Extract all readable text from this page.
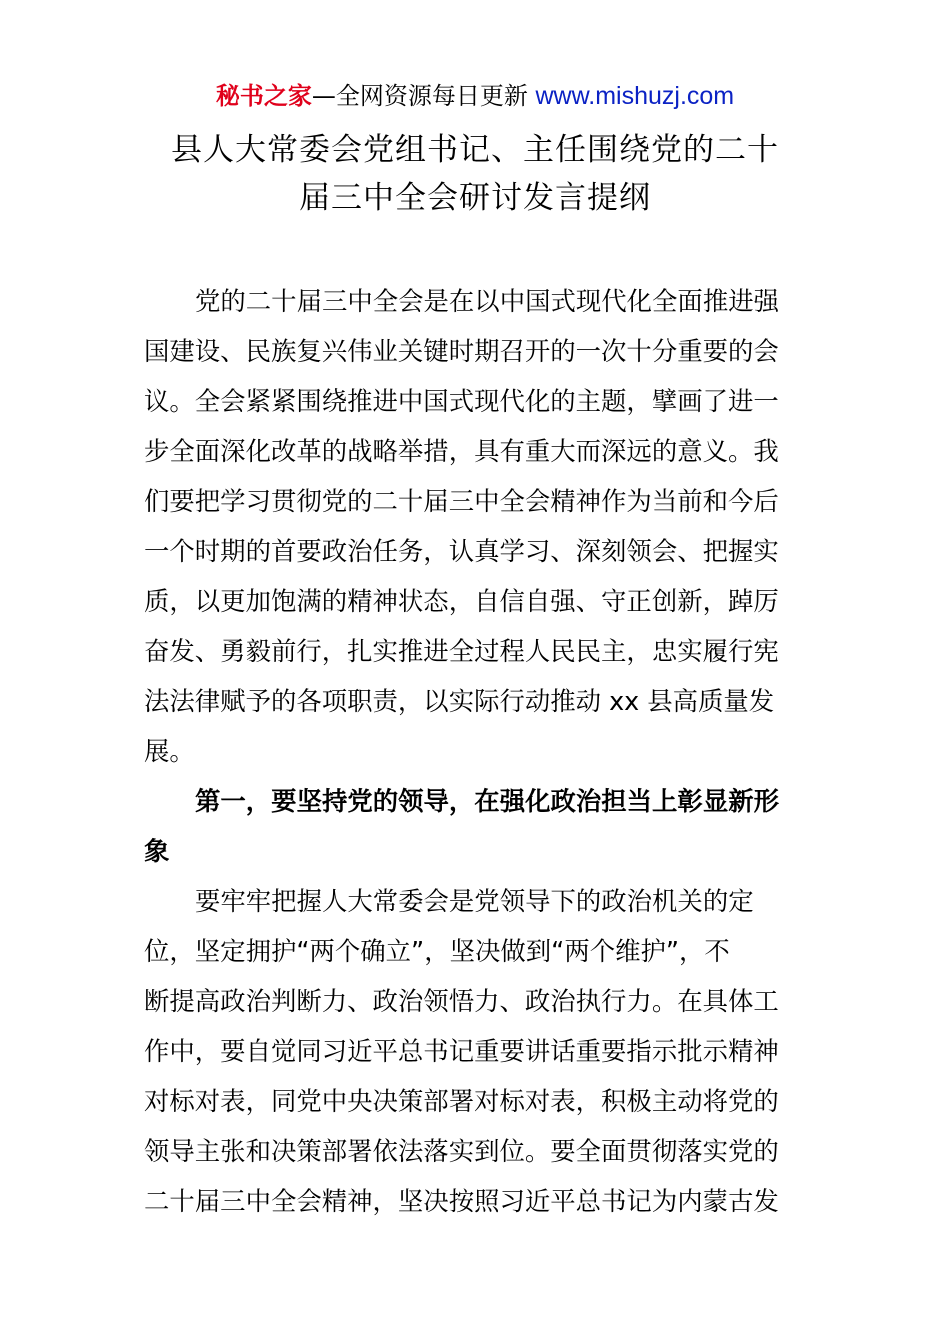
秘书之家—全网资源每日更新 www.mishuzj.com
县人大常委会党组书记、主任围绕党的二十
届三中全会研讨发言提纲
党的二十届三中全会是在以中国式现代化全面推进强
国建设、民族复兴伟业关键时期召开的一次十分重要的会
议。全会紧紧围绕推进中国式现代化的主题，擘画了进一
步全面深化改革的战略举措，具有重大而深远的意义。我
们要把学习贯彻党的二十届三中全会精神作为当前和今后
一个时期的首要政治任务，认真学习、深刻领会、把握实
质，以更加饱满的精神状态，自信自强、守正创新，踔厉
奋发、勇毅前行，扎实推进全过程人民民主，忠实履行宪
法法律赋予的各项职责，以实际行动推动 xx 县高质量发
展。
第一，要坚持党的领导，在强化政治担当上彰显新形
象
要牢牢把握人大常委会是党领导下的政治机关的定
位，坚定拥护“两个确立”，坚决做到“两个维护”，不
断提高政治判断力、政治领悟力、政治执行力。在具体工
作中，要自觉同习近平总书记重要讲话重要指示批示精神
对标对表，同党中央决策部署对标对表，积极主动将党的
领导主张和决策部署依法落实到位。要全面贯彻落实党的
二十届三中全会精神，坚决按照习近平总书记为内蒙古发
